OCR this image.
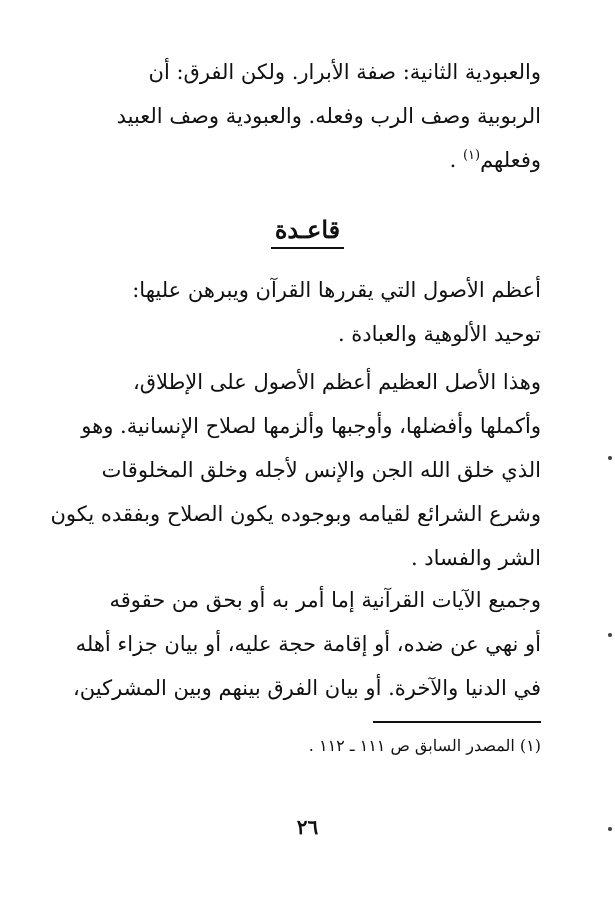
والعبودية الثانية: صفة الأبرار. ولكن الفرق: أن
الربوبية وصف الرب وفعله. والعبودية وصف العبيد
وفعلهم$^{(١)}$ .
قاعـدة
أعظم الأصول التي يقررها القرآن ويبرهن عليها:
توحيد الألوهية والعبادة .
وهذا الأصل العظيم أعظم الأصول على الإطلاق،
وأكملها وأفضلها، وأوجبها وألزمها لصلاح الإنسانية. وهو
الذي خلق الله الجن والإنس لأجله وخلق المخلوقات
وشرع الشرائع لقيامه وبوجوده يكون الصلاح وبفقده يكون
الشر والفساد .
وجميع الآيات القرآنية إما أمر به أو بحق من حقوقه
أو نهي عن ضده، أو إقامة حجة عليه، أو بيان جزاء أهله
في الدنيا والآخرة. أو بيان الفرق بينهم وبين المشركين،
(١) المصدر السابق ص ١١١ ـ ١١٢ .
٢٦
